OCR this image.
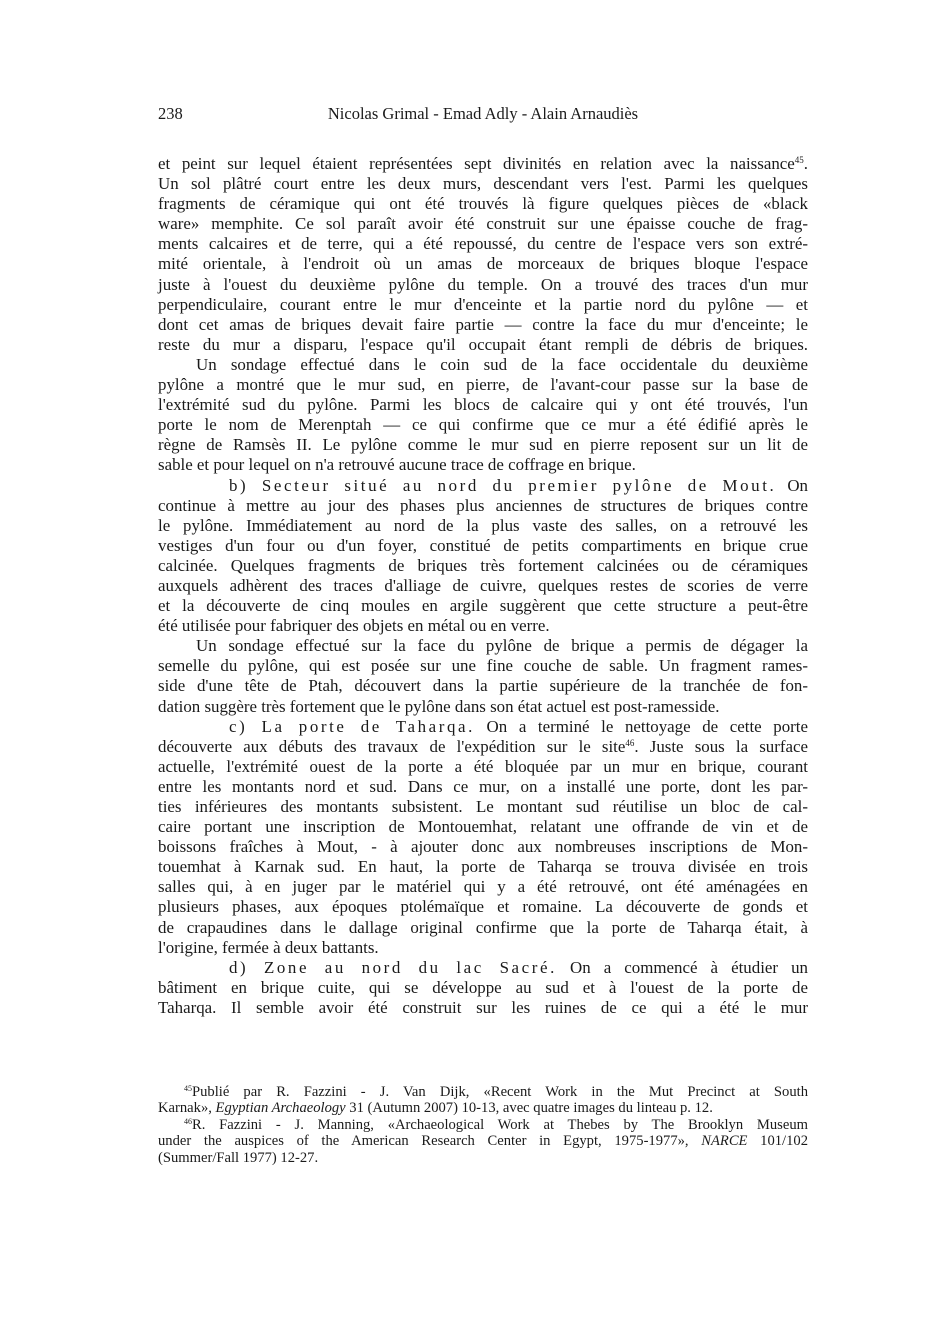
238	Nicolas Grimal - Emad Adly - Alain Arnaudiès
et peint sur lequel étaient représentées sept divinités en relation avec la naissance$^{45}$.
Un sol plâtré court entre les deux murs, descendant vers l'est. Parmi les quelques
fragments de céramique qui ont été trouvés là figure quelques pièces de «black
ware» memphite. Ce sol paraît avoir été construit sur une épaisse couche de frag-
ments calcaires et de terre, qui a été repoussé, du centre de l'espace vers son extré-
mité orientale, à l'endroit où un amas de morceaux de briques bloque l'espace
juste à l'ouest du deuxième pylône du temple. On a trouvé des traces d'un mur
perpendiculaire, courant entre le mur d'enceinte et la partie nord du pylône — et
dont cet amas de briques devait faire partie — contre la face du mur d'enceinte; le
reste du mur a disparu, l'espace qu'il occupait étant rempli de débris de briques.
Un sondage effectué dans le coin sud de la face occidentale du deuxième
pylône a montré que le mur sud, en pierre, de l'avant-cour passe sur la base de
l'extrémité sud du pylône. Parmi les blocs de calcaire qui y ont été trouvés, l'un
porte le nom de Merenptah — ce qui confirme que ce mur a été édifié après le
règne de Ramsès II. Le pylône comme le mur sud en pierre reposent sur un lit de
sable et pour lequel on n'a retrouvé aucune trace de coffrage en brique.
b) Secteur situé au nord du premier pylône de Mout. On
continue à mettre au jour des phases plus anciennes de structures de briques contre
le pylône. Immédiatement au nord de la plus vaste des salles, on a retrouvé les
vestiges d'un four ou d'un foyer, constitué de petits compartiments en brique crue
calcinée. Quelques fragments de briques très fortement calcinées ou de céramiques
auxquels adhèrent des traces d'alliage de cuivre, quelques restes de scories de verre
et la découverte de cinq moules en argile suggèrent que cette structure a peut-être
été utilisée pour fabriquer des objets en métal ou en verre.
Un sondage effectué sur la face du pylône de brique a permis de dégager la
semelle du pylône, qui est posée sur une fine couche de sable. Un fragment rames-
side d'une tête de Ptah, découvert dans la partie supérieure de la tranchée de fon-
dation suggère très fortement que le pylône dans son état actuel est post-ramesside.
c) La porte de Taharqa. On a terminé le nettoyage de cette porte
découverte aux débuts des travaux de l'expédition sur le site$^{46}$. Juste sous la surface
actuelle, l'extrémité ouest de la porte a été bloquée par un mur en brique, courant
entre les montants nord et sud. Dans ce mur, on a installé une porte, dont les par-
ties inférieures des montants subsistent. Le montant sud réutilise un bloc de cal-
caire portant une inscription de Montouemhat, relatant une offrande de vin et de
boissons fraîches à Mout, - à ajouter donc aux nombreuses inscriptions de Mon-
touemhat à Karnak sud. En haut, la porte de Taharqa se trouva divisée en trois
salles qui, à en juger par le matériel qui y a été retrouvé, ont été aménagées en
plusieurs phases, aux époques ptolémaïque et romaine. La découverte de gonds et
de crapaudines dans le dallage original confirme que la porte de Taharqa était, à
l'origine, fermée à deux battants.
d) Zone au nord du lac Sacré. On a commencé à étudier un
bâtiment en brique cuite, qui se développe au sud et à l'ouest de la porte de
Taharqa. Il semble avoir été construit sur les ruines de ce qui a été le mur
$^{45}$Publié par R. Fazzini - J. Van Dijk, «Recent Work in the Mut Precinct at South
Karnak», Egyptian Archaeology 31 (Autumn 2007) 10-13, avec quatre images du linteau p. 12.
$^{46}$R. Fazzini - J. Manning, «Archaeological Work at Thebes by The Brooklyn Museum
under the auspices of the American Research Center in Egypt, 1975-1977», NARCE 101/102
(Summer/Fall 1977) 12-27.
